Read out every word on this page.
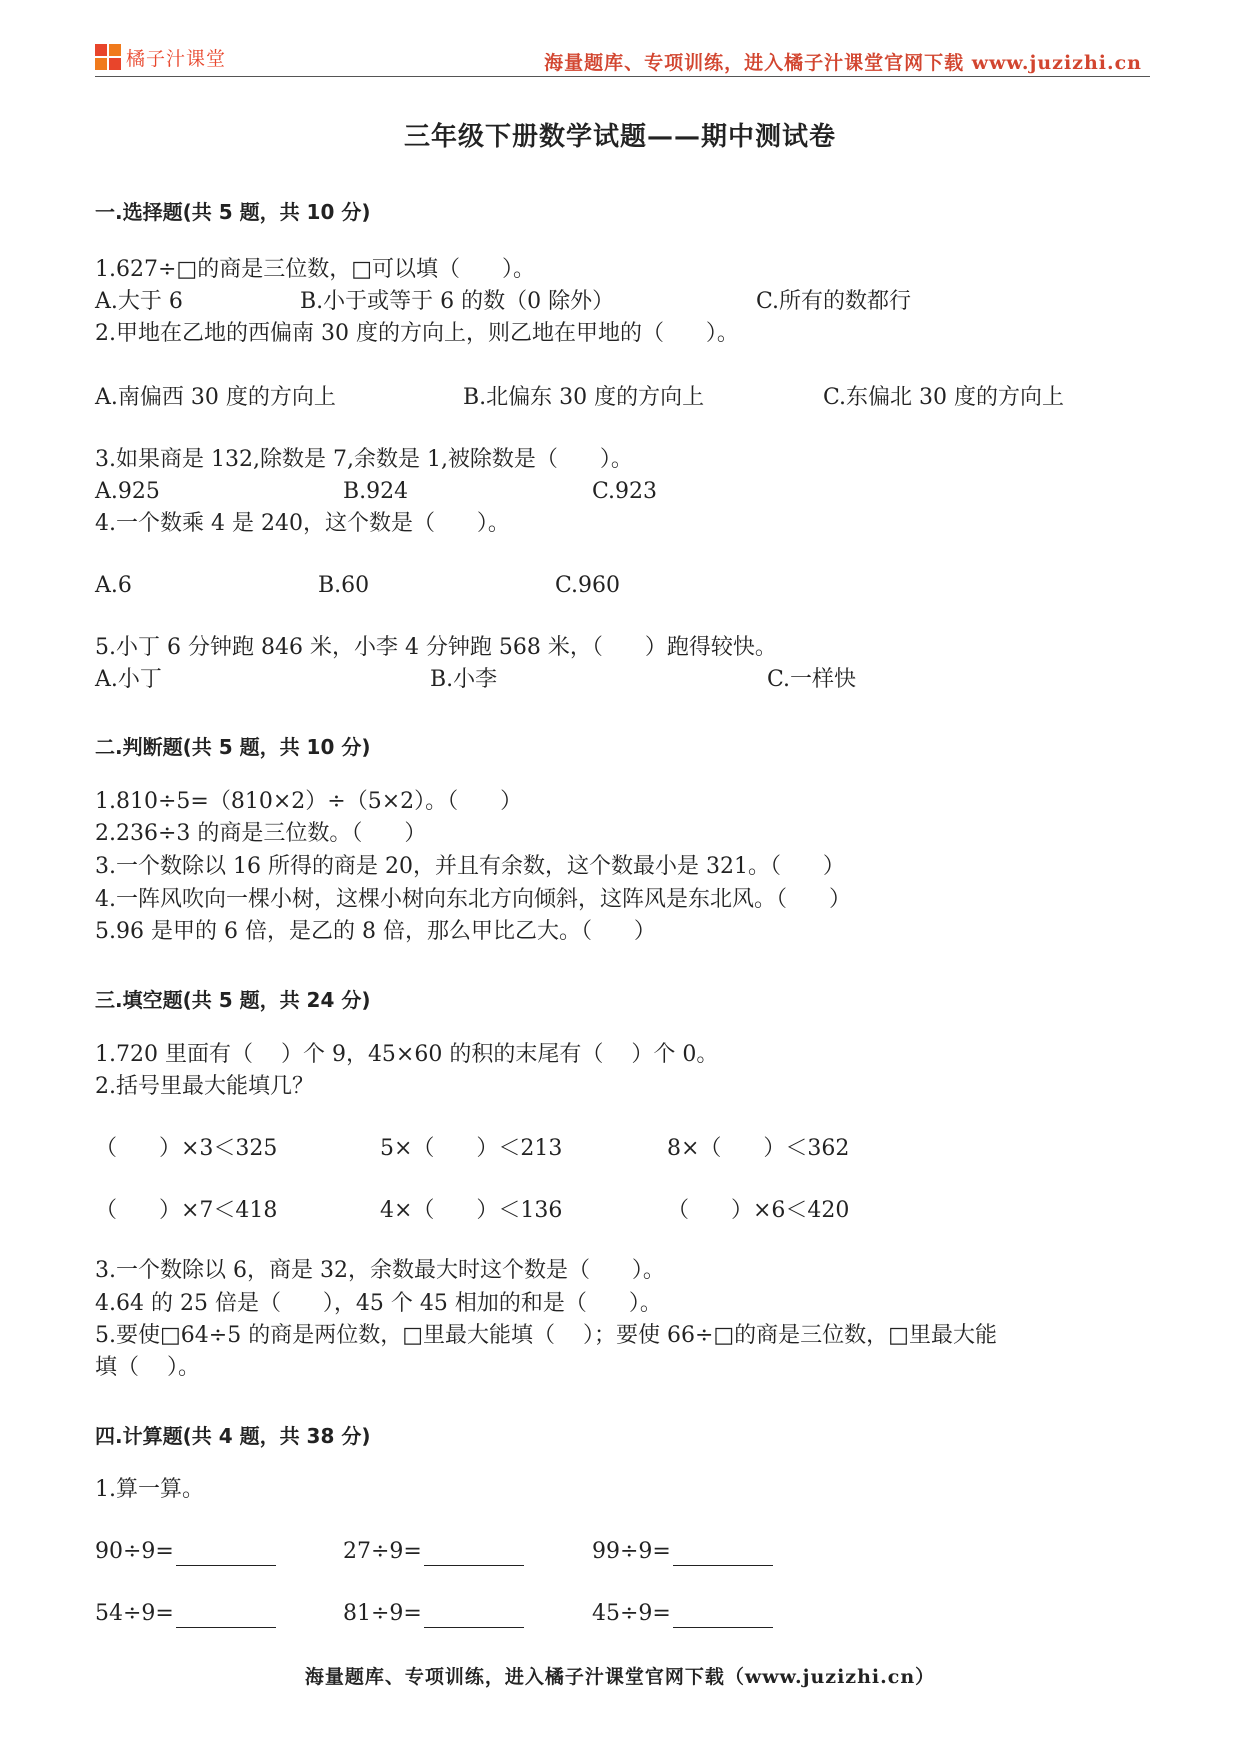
橘子汁课堂	海量题库、专项训练，进入橘子汁课堂官网下载 www.juzizhi.cn
三年级下册数学试题——期中测试卷
一.选择题(共 5 题，共 10 分)
1.627÷□的商是三位数，□可以填（      ）。
A.大于 6	B.小于或等于 6 的数（0 除外）	C.所有的数都行
2.甲地在乙地的西偏南 30 度的方向上，则乙地在甲地的（      ）。
A.南偏西 30 度的方向上	B.北偏东 30 度的方向上	C.东偏北 30 度的方向上
3.如果商是 132,除数是 7,余数是 1,被除数是（      ）。
A.925	B.924	C.923
4.一个数乘 4 是 240，这个数是（      ）。
A.6	B.60	C.960
5.小丁 6 分钟跑 846 米，小李 4 分钟跑 568 米，（      ）跑得较快。
A.小丁	B.小李	C.一样快
二.判断题(共 5 题，共 10 分)
1.810÷5=（810×2）÷（5×2）。（      ）
2.236÷3 的商是三位数。（      ）
3.一个数除以 16 所得的商是 20，并且有余数，这个数最小是 321。（      ）
4.一阵风吹向一棵小树，这棵小树向东北方向倾斜，这阵风是东北风。（      ）
5.96 是甲的 6 倍，是乙的 8 倍，那么甲比乙大。（      ）
三.填空题(共 5 题，共 24 分)
1.720 里面有（    ）个 9，45×60 的积的末尾有（    ）个 0。
2.括号里最大能填几？
（      ）×3＜325	5×（      ）＜213	8×（      ）＜362
（      ）×7＜418	4×（      ）＜136	（      ）×6＜420
3.一个数除以 6，商是 32，余数最大时这个数是（      ）。
4.64 的 25 倍是（      ），45 个 45 相加的和是（      ）。
5.要使□64÷5 的商是两位数，□里最大能填（    ）；要使 66÷□的商是三位数，□里最大能
填（    ）。
四.计算题(共 4 题，共 38 分)
1.算一算。
90÷9=	27÷9=	99÷9=
54÷9=	81÷9=	45÷9=
海量题库、专项训练，进入橘子汁课堂官网下载（www.juzizhi.cn）
